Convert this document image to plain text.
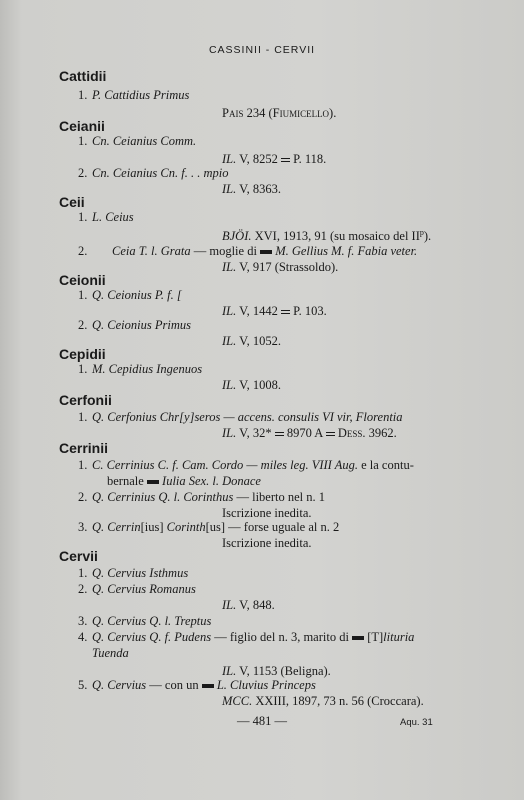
CASSINII - CERVII
Cattidii
1. P. Cattidius Primus
Pais 234 (Fiumicello).
Ceianii
1. Cn. Ceianius Comm.
IL. V, 8252  P. 118.
2. Cn. Ceianius Cn. f. . . mpio
IL. V, 8363.
Ceii
1. L. Ceius
BJÖI. XVI, 1913, 91 (su mosaico del $II^p$).
2. Ceia T. l. Grata — moglie di  M. Gellius M. f. Fabia veter.
IL. V, 917 (Strassoldo).
Ceionii
1. Q. Ceionius P. f. [
IL. V, 1442  P. 103.
2. Q. Ceionius Primus
IL. V, 1052.
Cepidii
1. M. Cepidius Ingenuos
IL. V, 1008.
Cerfonii
1. Q. Cerfonius Chr[y]seros — accens. consulis VI vir, Florentia
IL. V, 32*  8970 A  Dess. 3962.
Cerrinii
1. C. Cerrinius C. f. Cam. Cordo — miles leg. VIII Aug. e la contu-
bernale  Iulia Sex. l. Donace
2. Q. Cerrinius Q. l. Corinthus — liberto nel n. 1
Iscrizione inedita.
3. Q. Cerrin[ius] Corinth[us] — forse uguale al n. 2
Iscrizione inedita.
Cervii
1. Q. Cervius Isthmus
2. Q. Cervius Romanus
IL. V, 848.
3. Q. Cervius Q. l. Treptus
4. Q. Cervius Q. f. Pudens — figlio del n. 3, marito di  [T]lituria
Tuenda
IL. V, 1153 (Beligna).
5. Q. Cervius — con un  L. Cluvius Princeps
MCC. XXIII, 1897, 73 n. 56 (Croccara).
— 481 —	Aqu. 31
